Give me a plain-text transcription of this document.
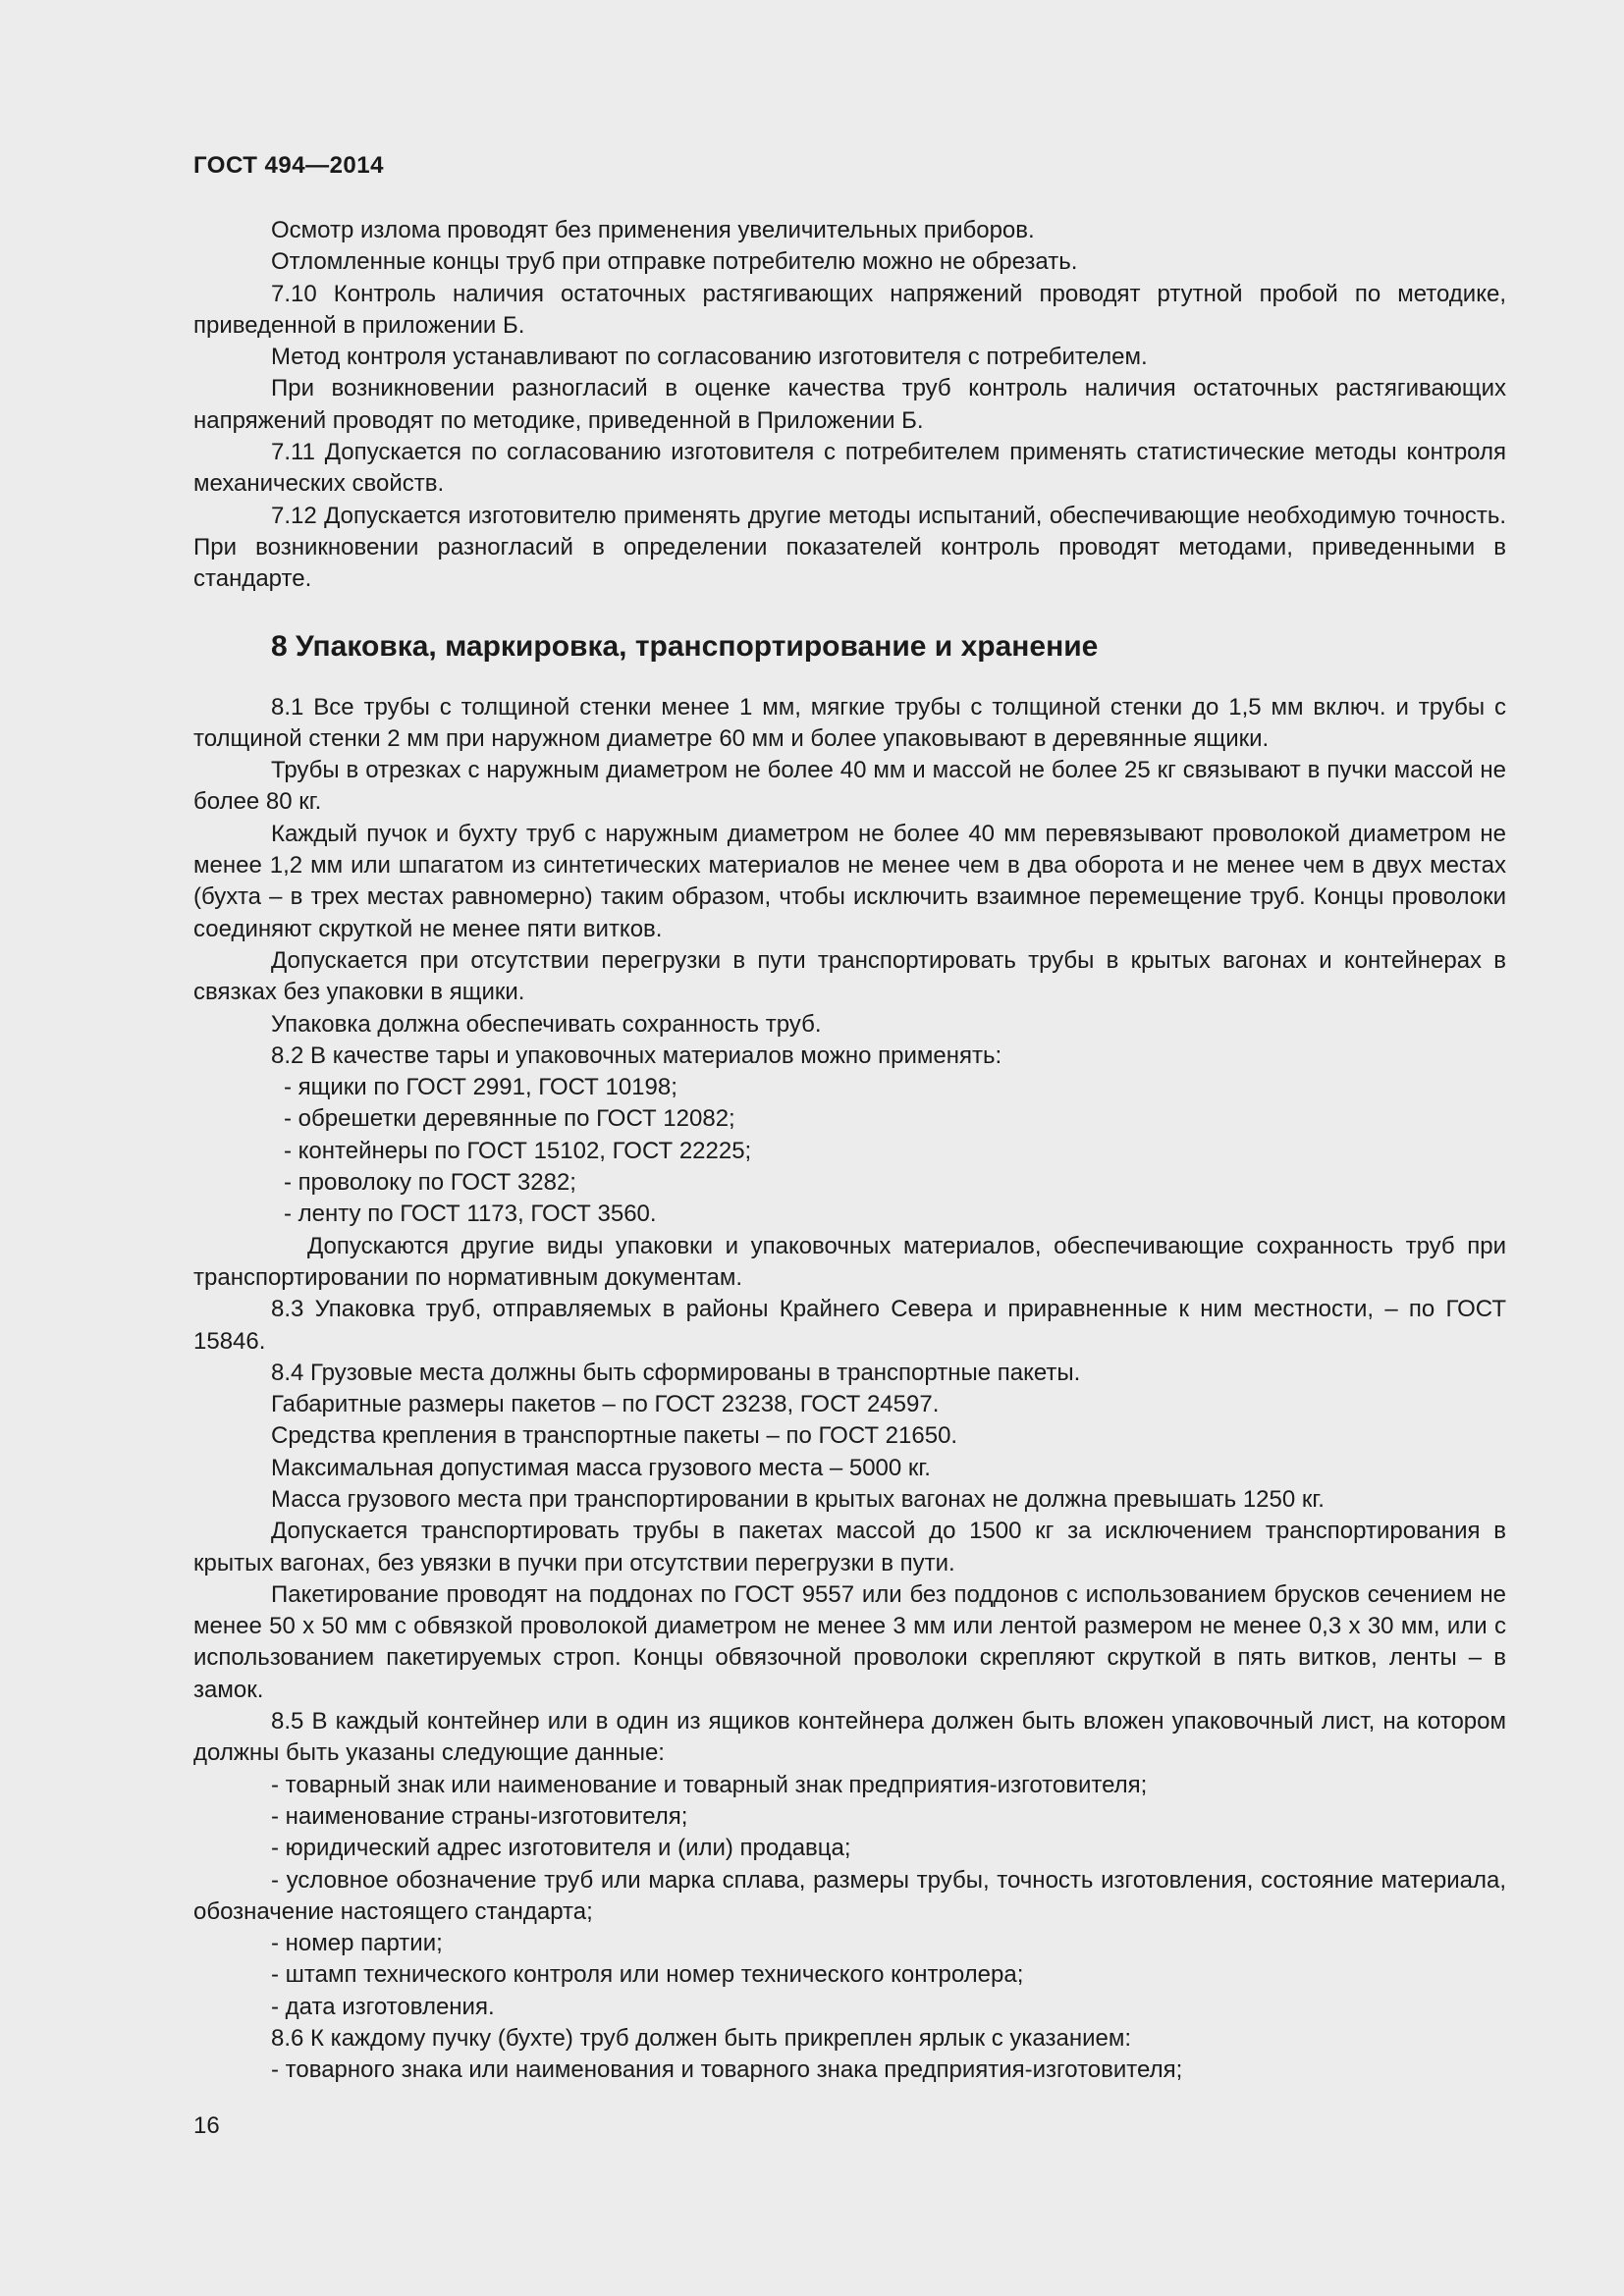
ГОСТ 494—2014
Осмотр излома проводят без применения увеличительных приборов.
Отломленные концы труб при отправке потребителю можно не обрезать.
7.10 Контроль наличия остаточных растягивающих напряжений проводят ртутной пробой по методике, приведенной в приложении Б.
Метод контроля устанавливают по согласованию изготовителя с потребителем.
При возникновении разногласий в оценке качества труб контроль наличия остаточных растягивающих напряжений проводят по методике, приведенной в Приложении Б.
7.11 Допускается по согласованию изготовителя с потребителем применять статистические методы контроля механических свойств.
7.12 Допускается изготовителю применять другие методы испытаний, обеспечивающие необходимую точность. При возникновении разногласий в определении показателей контроль проводят методами, приведенными в стандарте.
8 Упаковка, маркировка, транспортирование и хранение
8.1 Все трубы с толщиной стенки менее 1 мм, мягкие трубы с толщиной стенки до 1,5 мм включ. и трубы с толщиной стенки 2 мм при наружном диаметре 60 мм и более упаковывают в деревянные ящики.
Трубы в отрезках с наружным диаметром не более 40 мм и массой не более 25 кг связывают в пучки массой не более 80 кг.
Каждый пучок и бухту труб с наружным диаметром не более 40 мм перевязывают проволокой диаметром не менее 1,2 мм или шпагатом из синтетических материалов не менее чем в два оборота и не менее чем в двух местах (бухта – в трех местах равномерно) таким образом, чтобы исключить взаимное перемещение труб. Концы проволоки соединяют скруткой не менее пяти витков.
Допускается при отсутствии перегрузки в пути транспортировать трубы в крытых вагонах и контейнерах в связках без упаковки в ящики.
Упаковка должна обеспечивать сохранность труб.
8.2 В качестве тары и упаковочных материалов можно применять:
- ящики по ГОСТ 2991, ГОСТ 10198;
- обрешетки деревянные по ГОСТ 12082;
- контейнеры по ГОСТ 15102, ГОСТ 22225;
- проволоку по ГОСТ 3282;
- ленту по ГОСТ 1173, ГОСТ 3560.
Допускаются другие виды упаковки и упаковочных материалов, обеспечивающие сохранность труб при транспортировании по нормативным документам.
8.3 Упаковка труб, отправляемых в районы Крайнего Севера и приравненные к ним местности, – по ГОСТ 15846.
8.4 Грузовые места должны быть сформированы в транспортные пакеты.
Габаритные размеры пакетов – по ГОСТ 23238, ГОСТ 24597.
Средства крепления в транспортные пакеты – по ГОСТ 21650.
Максимальная допустимая масса грузового места – 5000 кг.
Масса грузового места при транспортировании в крытых вагонах не должна превышать 1250 кг.
Допускается транспортировать трубы в пакетах массой до 1500 кг за исключением транспортирования в крытых вагонах, без увязки в пучки при отсутствии перегрузки в пути.
Пакетирование проводят на поддонах по ГОСТ 9557 или без поддонов с использованием брусков сечением не менее 50 х 50 мм с обвязкой проволокой диаметром не менее 3 мм или лентой размером не менее 0,3 х 30 мм, или с использованием пакетируемых строп. Концы обвязочной проволоки скрепляют скруткой в пять витков, ленты – в замок.
8.5 В каждый контейнер или в один из ящиков контейнера должен быть вложен упаковочный лист, на котором должны быть указаны следующие данные:
- товарный знак или наименование и товарный знак предприятия-изготовителя;
- наименование страны-изготовителя;
- юридический адрес изготовителя и (или) продавца;
- условное обозначение труб или марка сплава, размеры трубы, точность изготовления, состояние материала, обозначение настоящего стандарта;
- номер партии;
- штамп технического контроля или номер технического контролера;
- дата изготовления.
8.6 К каждому пучку (бухте) труб должен быть прикреплен ярлык с указанием:
- товарного знака или наименования и товарного знака предприятия-изготовителя;
16
